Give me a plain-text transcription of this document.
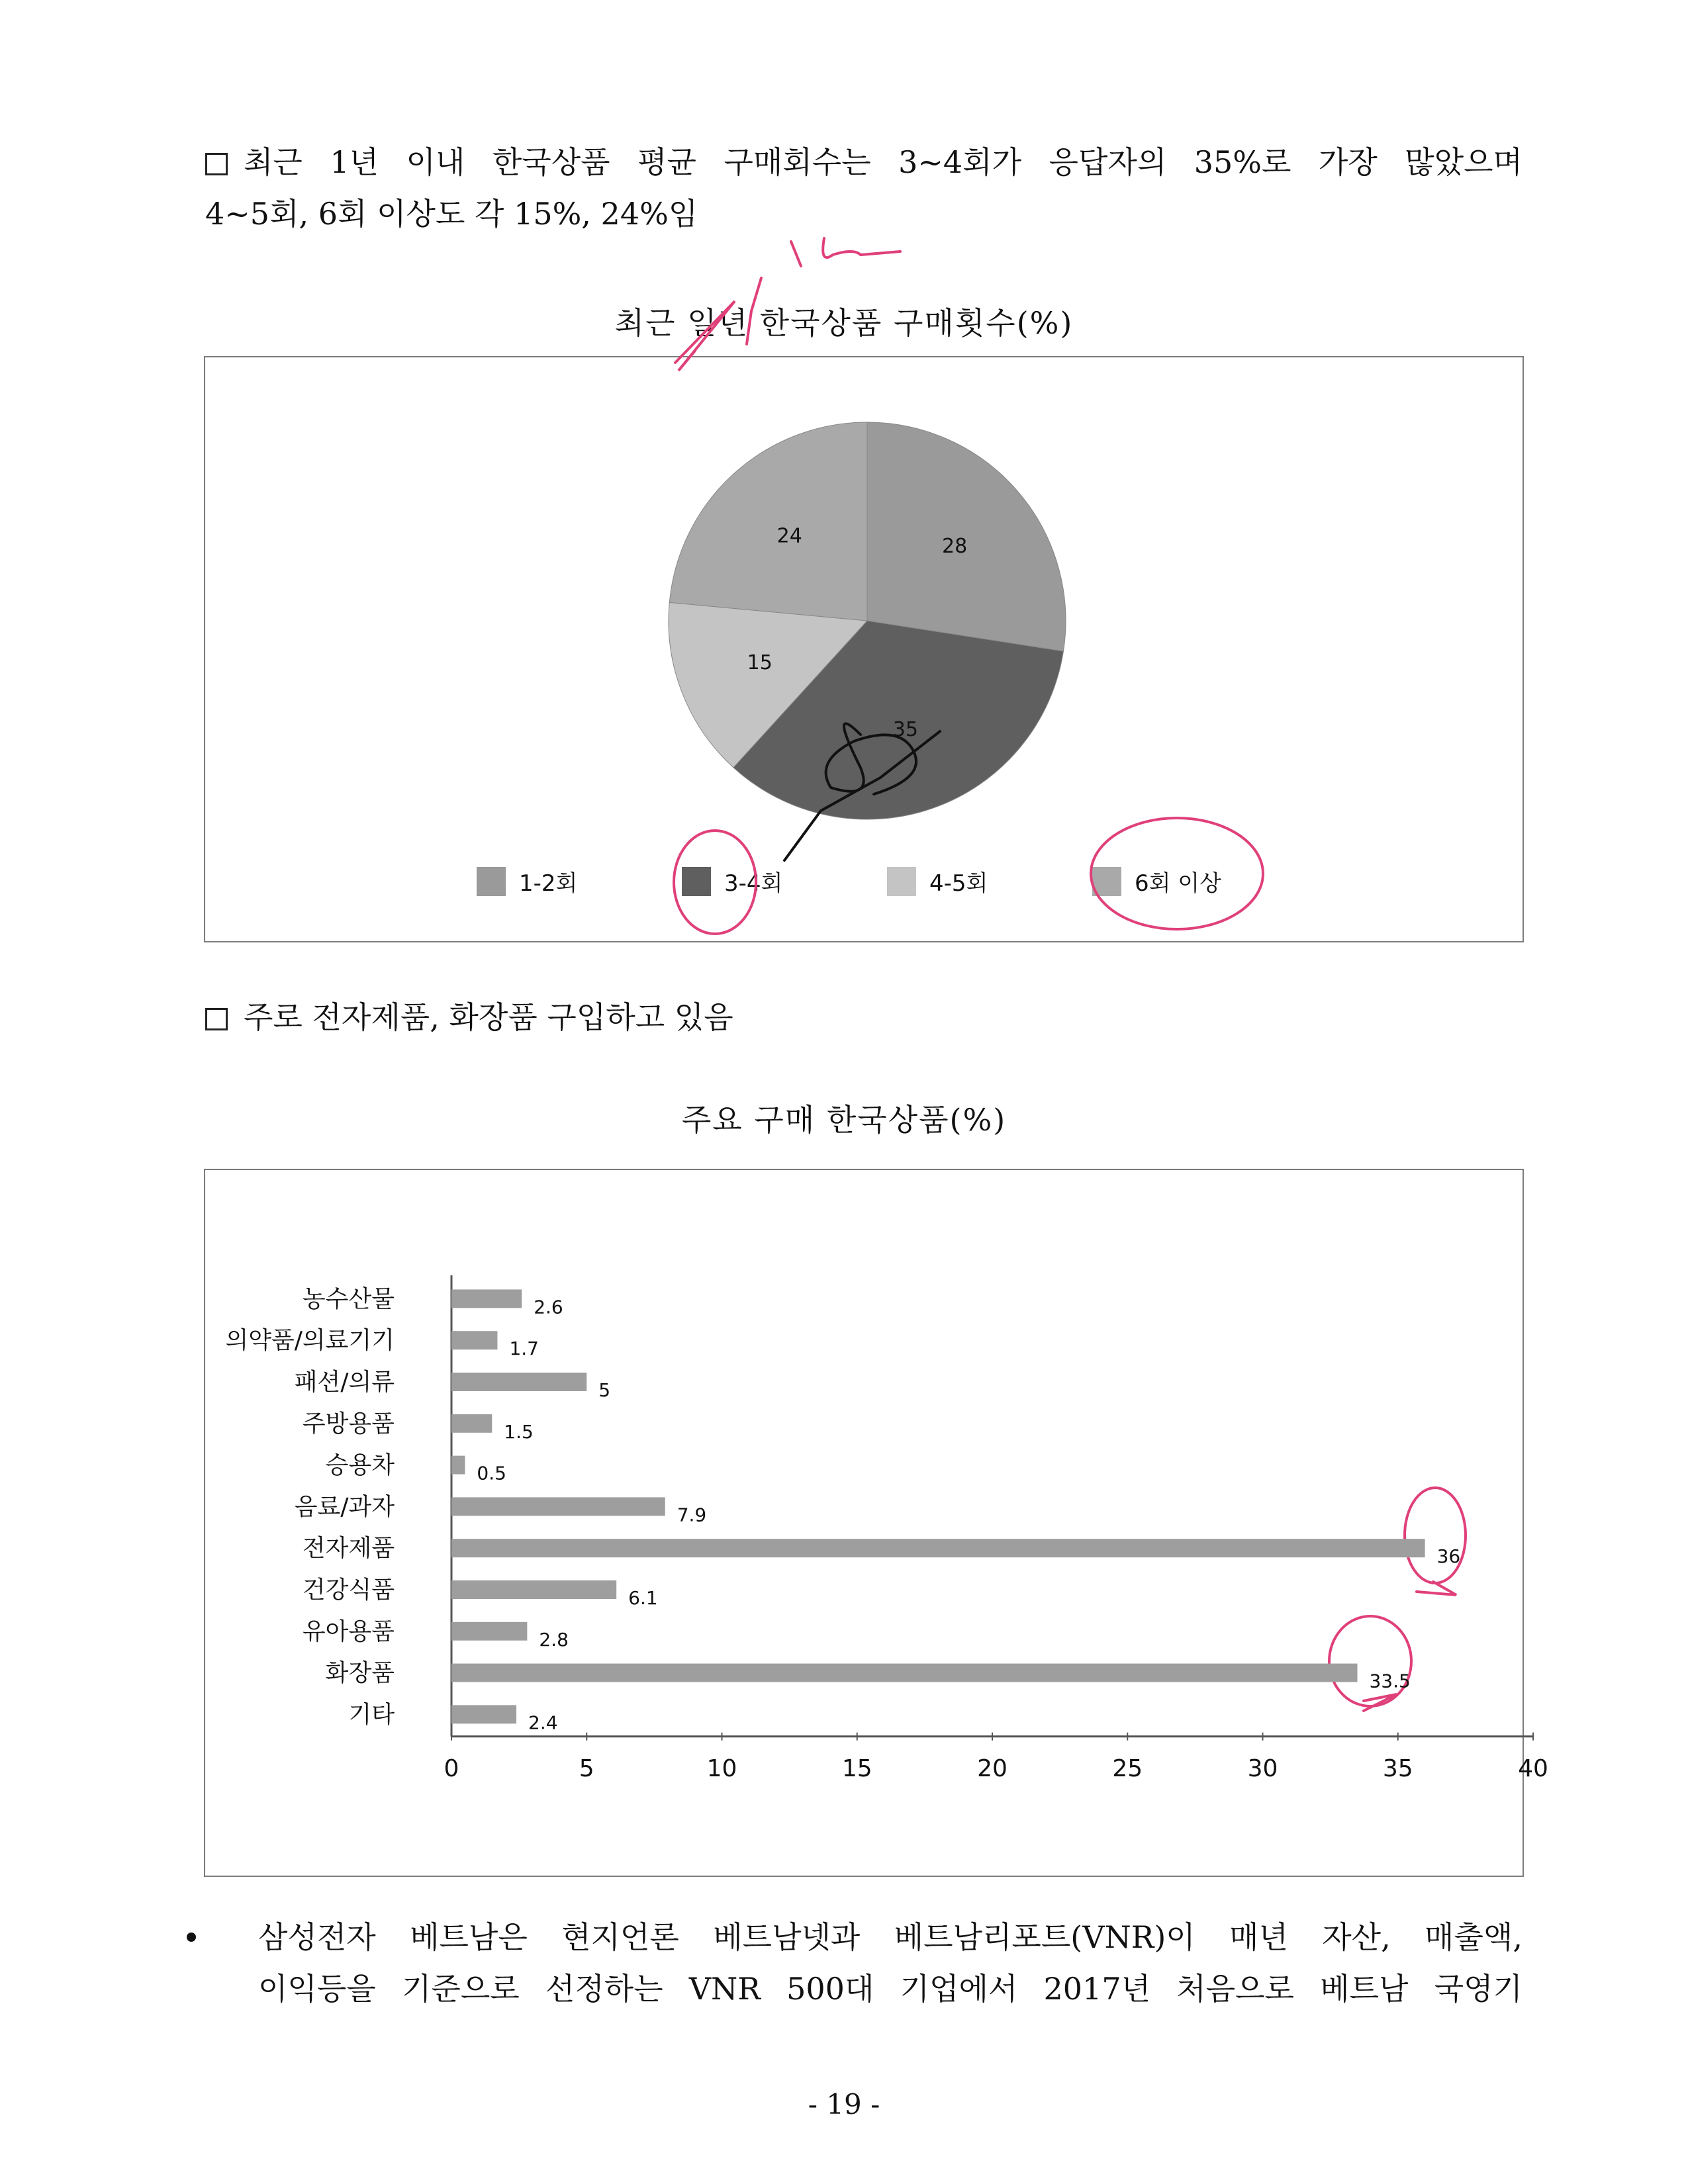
최근 1년 이내 한국상품 평균 구매회수는 3~4회가 응답자의 35%로 가장 많았으며
4~5회, 6회 이상도 각 15%, 24%임
최근 일년 한국상품 구매횟수(%)
28
35
15
24
1-2회	3-4회	4-5회	6회 이상
주로 전자제품, 화장품 구입하고 있음
주요 구매 한국상품(%)
농수산물	2.6
의약품/의료기기	1.7
패션/의류	5
주방용품	1.5
승용차	0.5
음료/과자	7.9
전자제품	36
건강식품	6.1
유아용품	2.8
화장품	33.5
기타	2.4
0	5	10	15	20	25	30	35	40
삼성전자 베트남은 현지언론 베트남넷과 베트남리포트(VNR)이 매년 자산, 매출액,
이익등을 기준으로 선정하는 VNR 500대 기업에서 2017년 처음으로 베트남 국영기
- 19 -
